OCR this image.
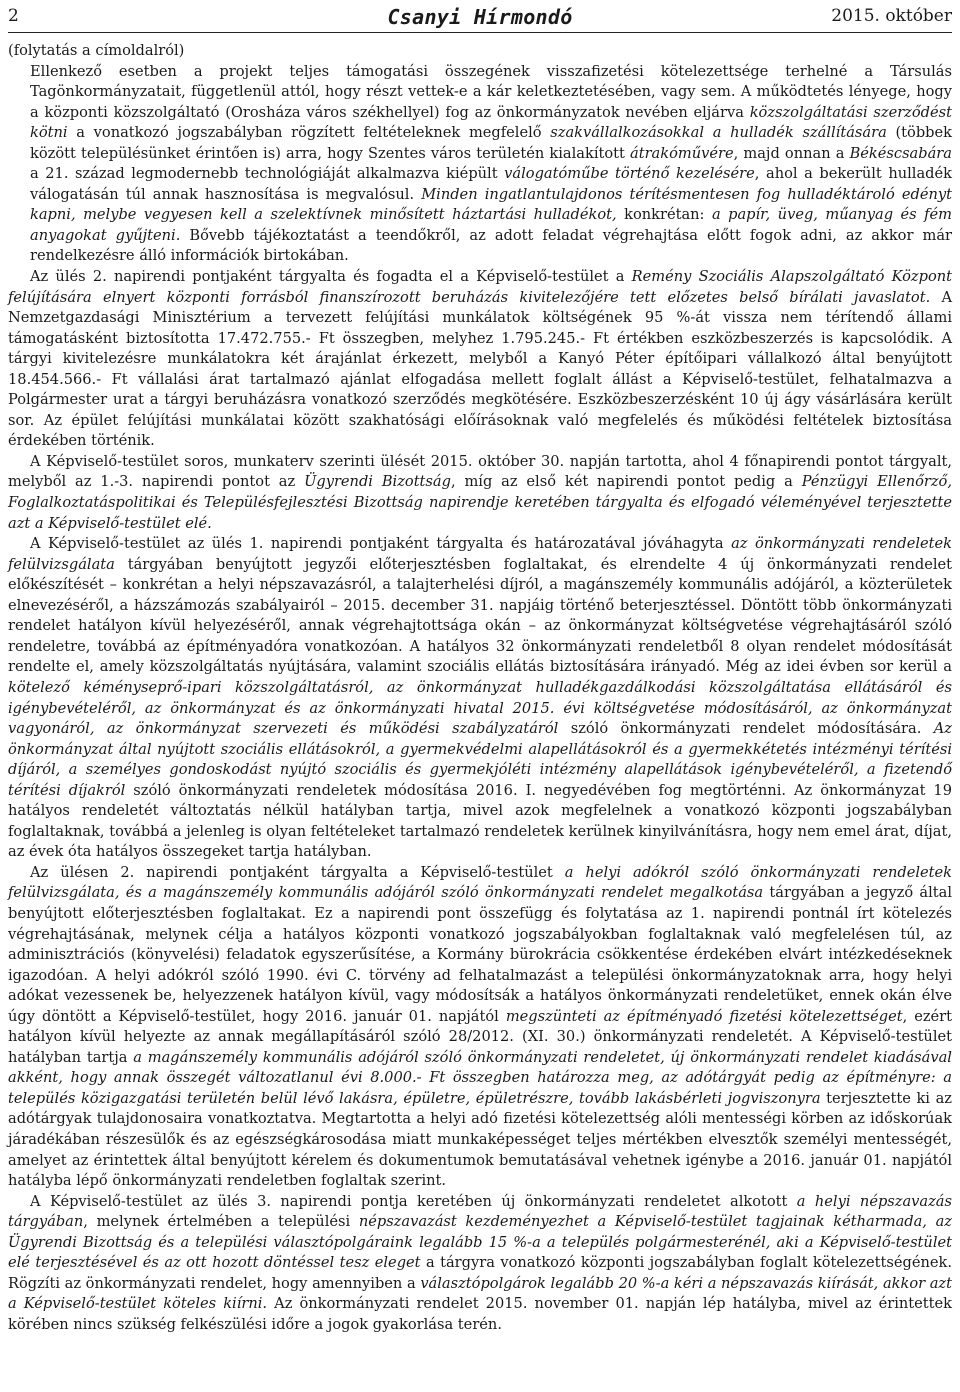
2	Csanyi Hírmondó	2015. október

(folytatás a címoldalról)

Ellenkező esetben a projekt teljes támogatási összegének visszafizetési kötelezettsége terhelné a Társulás Tagönkormányzatait, függetlenül attól, hogy részt vettek-e a kár keletkeztetésében, vagy sem. A működtetés lényege, hogy a központi közszolgáltató (Orosháza város székhellyel) fog az önkormányzatok nevében eljárva közszolgáltatási szerződést kötni a vonatkozó jogszabályban rögzített feltételeknek megfelelő szakvállalkozásokkal a hulladék szállítására (többek között településünket érintően is) arra, hogy Szentes város területén kialakított átrakóművére, majd onnan a Békéscsabára a 21. század legmodernebb technológiáját alkalmazva kiépült válogatóműbe történő kezelésére, ahol a bekerült hulladék válogatásán túl annak hasznosítása is megvalósul. Minden ingatlantulajdonos térítésmentesen fog hulladéktároló edényt kapni, melybe vegyesen kell a szelektívnek minősített háztartási hulladékot, konkrétan: a papír, üveg, műanyag és fém anyagokat gyűjteni. Bővebb tájékoztatást a teendőkről, az adott feladat végrehajtása előtt fogok adni, az akkor már rendelkezésre álló információk birtokában.

Az ülés 2. napirendi pontjaként tárgyalta és fogadta el a Képviselő-testület a Remény Szociális Alapszolgáltató Központ felújítására elnyert központi forrásból finanszírozott beruházás kivitelezőjére tett előzetes belső bírálati javaslatot. A Nemzetgazdasági Minisztérium a tervezett felújítási munkálatok költségének 95 %-át vissza nem térítendő állami támogatásként biztosította 17.472.755.- Ft összegben, melyhez 1.795.245.- Ft értékben eszközbeszerzés is kapcsolódik. A tárgyi kivitelezésre munkálatokra két árajánlat érkezett, melyből a Kanyó Péter építőipari vállalkozó által benyújtott 18.454.566.- Ft vállalási árat tartalmazó ajánlat elfogadása mellett foglalt állást a Képviselő-testület, felhatalmazva a Polgármester urat a tárgyi beruházásra vonatkozó szerződés megkötésére. Eszközbeszerzésként 10 új ágy vásárlására került sor. Az épület felújítási munkálatai között szakhatósági előírásoknak való megfelelés és működési feltételek biztosítása érdekében történik.

A Képviselő-testület soros, munkaterv szerinti ülését 2015. október 30. napján tartotta, ahol 4 főnapirendi pontot tárgyalt, melyből az 1.-3. napirendi pontot az Ügyrendi Bizottság, míg az első két napirendi pontot pedig a Pénzügyi Ellenőrző, Foglalkoztatáspolitikai és Településfejlesztési Bizottság napirendje keretében tárgyalta és elfogadó véleményével terjesztette azt a Képviselő-testület elé.

A Képviselő-testület az ülés 1. napirendi pontjaként tárgyalta és határozatával jóváhagyta az önkormányzati rendeletek felülvizsgálata tárgyában benyújtott jegyzői előterjesztésben foglaltakat, és elrendelte 4 új önkormányzati rendelet előkészítését – konkrétan a helyi népszavazásról, a talajterhelési díjról, a magánszemély kommunális adójáról, a közterületek elnevezéséről, a házszámozás szabályairól – 2015. december 31. napjáig történő beterjesztéssel. Döntött több önkormányzati rendelet hatályon kívül helyezéséről, annak végrehajtottsága okán – az önkormányzat költségvetése végrehajtásáról szóló rendeletre, továbbá az építményadóra vonatkozóan. A hatályos 32 önkormányzati rendeletből 8 olyan rendelet módosítását rendelte el, amely közszolgáltatás nyújtására, valamint szociális ellátás biztosítására irányadó. Még az idei évben sor kerül a kötelező kéményseprő-ipari közszolgáltatásról, az önkormányzat hulladékgazdálkodási közszolgáltatása ellátásáról és igénybevételéről, az önkormányzat és az önkormányzati hivatal 2015. évi költségvetése módosításáról, az önkormányzat vagyonáról, az önkormányzat szervezeti és működési szabályzatáról szóló önkormányzati rendelet módosítására. Az önkormányzat által nyújtott szociális ellátásokról, a gyermekvédelmi alapellátásokról és a gyermekkétetés intézményi térítési díjáról, a személyes gondoskodást nyújtó szociális és gyermekjóléti intézmény alapellátások igénybevételéről, a fizetendő térítési díjakról szóló önkormányzati rendeletek módosítása 2016. I. negyedévében fog megtörténni. Az önkormányzat 19 hatályos rendeletét változtatás nélkül hatályban tartja, mivel azok megfelelnek a vonatkozó központi jogszabályban foglaltaknak, továbbá a jelenleg is olyan feltételeket tartalmazó rendeletek kerülnek kinyilvánításra, hogy nem emel árat, díjat, az évek óta hatályos összegeket tartja hatályban.

Az ülésen 2. napirendi pontjaként tárgyalta a Képviselő-testület a helyi adókról szóló önkormányzati rendeletek felülvizsgálata, és a magánszemély kommunális adójáról szóló önkormányzati rendelet megalkotása tárgyában a jegyző által benyújtott előterjesztésben foglaltakat. Ez a napirendi pont összefügg és folytatása az 1. napirendi pontnál írt kötelezés végrehajtásának, melynek célja a hatályos központi vonatkozó jogszabályokban foglaltaknak való megfelelésen túl, az adminisztrációs (könyvelési) feladatok egyszerűsítése, a Kormány bürokrácia csökkentése érdekében elvárt intézkedéseknek igazodóan. A helyi adókról szóló 1990. évi C. törvény ad felhatalmazást a települési önkormányzatoknak arra, hogy helyi adókat vezessenek be, helyezzenek hatályon kívül, vagy módosítsák a hatályos önkormányzati rendeletüket, ennek okán élve úgy döntött a Képviselő-testület, hogy 2016. január 01. napjától megszünteti az építményadó fizetési kötelezettséget, ezért hatályon kívül helyezte az annak megállapításáról szóló 28/2012. (XI. 30.) önkormányzati rendeletét. A Képviselő-testület hatályban tartja a magánszemély kommunális adójáról szóló önkormányzati rendeletet, új önkormányzati rendelet kiadásával akként, hogy annak összegét változatlanul évi 8.000.- Ft összegben határozza meg, az adótárgyát pedig az építményre: a település közigazgatási területén belül lévő lakásra, épületre, épületrészre, tovább lakásbérleti jogviszonyra terjesztette ki az adótárgyak tulajdonosaira vonatkoztatva. Megtartotta a helyi adó fizetési kötelezettség alóli mentességi körben az időskorúak járadékában részesülők és az egészségkárosodása miatt munkaképességet teljes mértékben elvesztők személyi mentességét, amelyet az érintettek által benyújtott kérelem és dokumentumok bemutatásával vehetnek igénybe a 2016. január 01. napjától hatályba lépő önkormányzati rendeletben foglaltak szerint.

A Képviselő-testület az ülés 3. napirendi pontja keretében új önkormányzati rendeletet alkotott a helyi népszavazás tárgyában, melynek értelmében a települési népszavazást kezdeményezhet a Képviselő-testület tagjainak kétharmada, az Ügyrendi Bizottság és a települési választópolgáraink legalább 15 %-a a település polgármesterénél, aki a Képviselő-testület elé terjesztésével és az ott hozott döntéssel tesz eleget a tárgyra vonatkozó központi jogszabályban foglalt kötelezettségének. Rögzíti az önkormányzati rendelet, hogy amennyiben a választópolgárok legalább 20 %-a kéri a népszavazás kiírását, akkor azt a Képviselő-testület köteles kiírni. Az önkormányzati rendelet 2015. november 01. napján lép hatályba, mivel az érintettek körében nincs szükség felkészülési időre a jogok gyakorlása terén.
